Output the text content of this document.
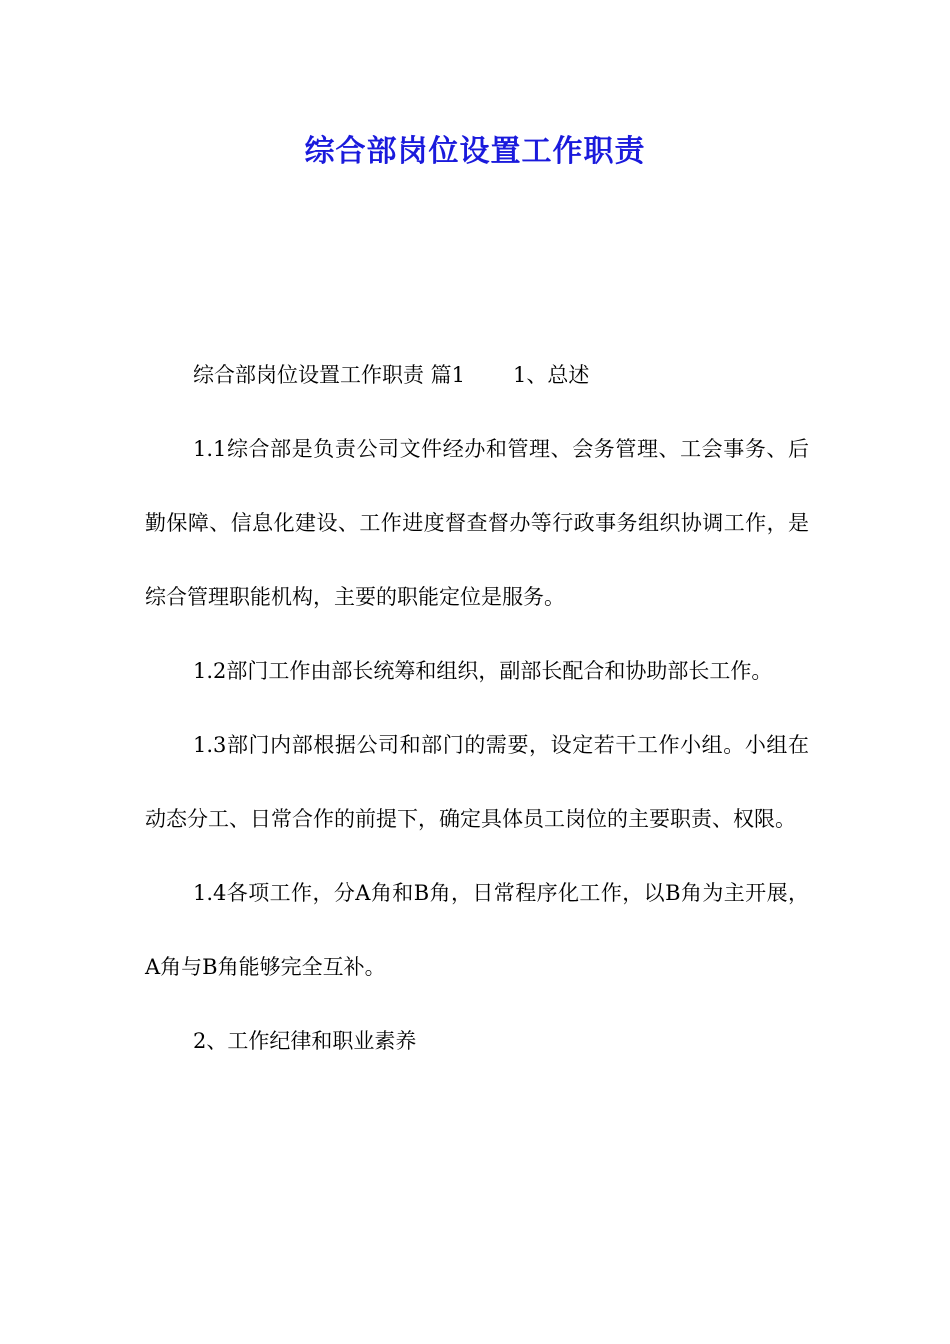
综合部岗位设置工作职责

综合部岗位设置工作职责 篇1 1、总述

1.1综合部是负责公司文件经办和管理、会务管理、工会事务、后勤保障、信息化建设、工作进度督查督办等行政事务组织协调工作，是综合管理职能机构，主要的职能定位是服务。

1.2部门工作由部长统筹和组织，副部长配合和协助部长工作。

1.3部门内部根据公司和部门的需要，设定若干工作小组。小组在动态分工、日常合作的前提下，确定具体员工岗位的主要职责、权限。

1.4各项工作，分A角和B角，日常程序化工作，以B角为主开展，A角与B角能够完全互补。

2、工作纪律和职业素养
